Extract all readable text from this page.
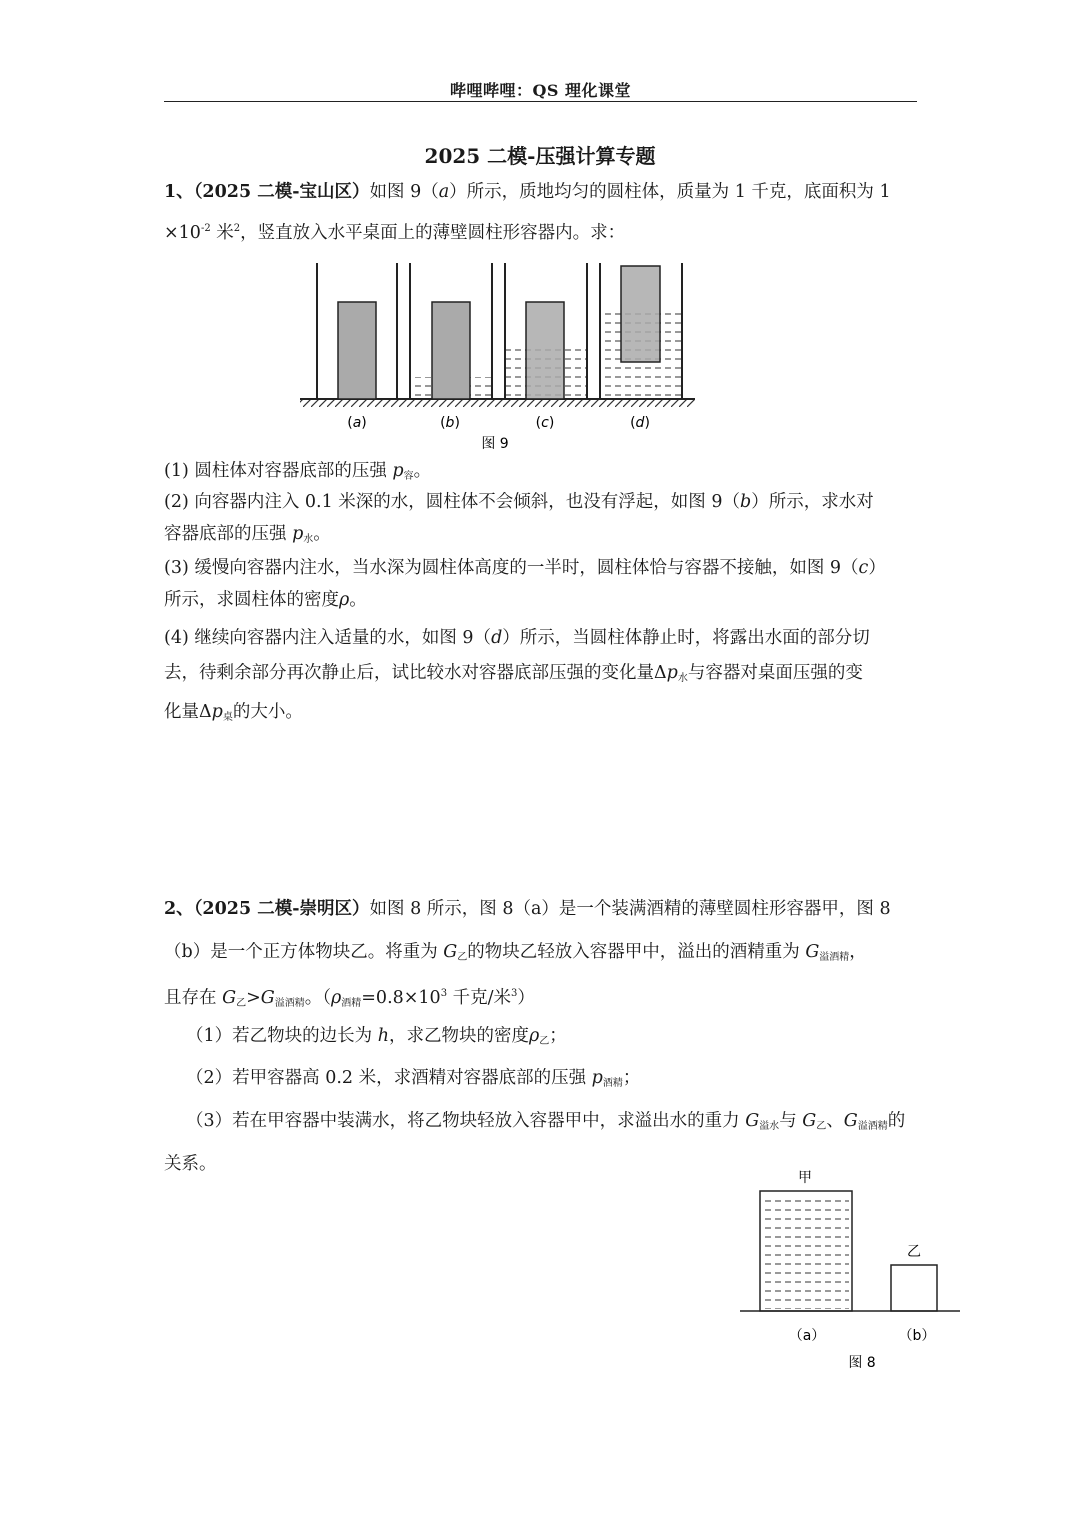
哔哩哔哩：QS 理化课堂
2025 二模-压强计算专题
1、（2025 二模-宝山区）如图 9（a）所示，质地均匀的圆柱体，质量为 1 千克，底面积为 1
$\times 10^{-2}$ 米$^2$，竖直放入水平桌面上的薄壁圆柱形容器内。求：
(a)	(b)	(c)	(d)
图 9
(1) 圆柱体对容器底部的压强 $p_容$。
(2) 向容器内注入 0.1 米深的水，圆柱体不会倾斜，也没有浮起，如图 9（b）所示，求水对
容器底部的压强 $p_水$。
(3) 缓慢向容器内注水，当水深为圆柱体高度的一半时，圆柱体恰与容器不接触，如图 9（c）
所示，求圆柱体的密度ρ。
(4) 继续向容器内注入适量的水，如图 9（d）所示，当圆柱体静止时，将露出水面的部分切
去，待剩余部分再次静止后，试比较水对容器底部压强的变化量$\Delta p_水$与容器对桌面压强的变
化量$\Delta p_桌$的大小。
2、（2025 二模-崇明区）如图 8 所示，图 8（a）是一个装满酒精的薄壁圆柱形容器甲，图 8
（b）是一个正方体物块乙。将重为 $G_乙$的物块乙轻放入容器甲中，溢出的酒精重为 $G_{溢酒精}$，
且存在 $G_乙>G_{溢酒精}$。（$\rho_{酒精}=0.8\times 10^3$ 千克/米$^3$）
（1）若乙物块的边长为 h，求乙物块的密度$\rho_乙$；
（2）若甲容器高 0.2 米，求酒精对容器底部的压强 $p_{酒精}$；
（3）若在甲容器中装满水，将乙物块轻放入容器甲中，求溢出水的重力 $G_{溢水}$与 $G_乙$、$G_{溢酒精}$的
关系。
甲
乙
（a）	（b）
图 8
